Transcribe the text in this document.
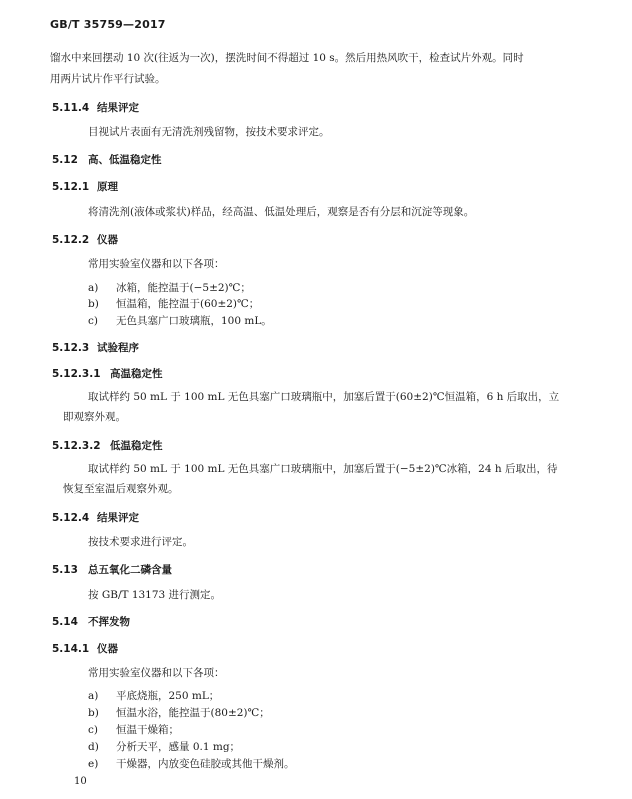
GB/T 35759—2017
馏水中来回摆动 10 次(往返为一次)，摆洗时间不得超过 10 s。然后用热风吹干，检查试片外观。同时
用两片试片作平行试验。
5.11.4 结果评定
目视试片表面有无清洗剂残留物，按技术要求评定。
5.12 高、低温稳定性
5.12.1 原理
将清洗剂(液体或浆状)样品，经高温、低温处理后，观察是否有分层和沉淀等现象。
5.12.2 仪器
常用实验室仪器和以下各项：
a) 冰箱，能控温于(−5±2)℃；
b) 恒温箱，能控温于(60±2)℃；
c) 无色具塞广口玻璃瓶，100 mL。
5.12.3 试验程序
5.12.3.1 高温稳定性
取试样约 50 mL 于 100 mL 无色具塞广口玻璃瓶中，加塞后置于(60±2)℃恒温箱，6 h 后取出，立
即观察外观。
5.12.3.2 低温稳定性
取试样约 50 mL 于 100 mL 无色具塞广口玻璃瓶中，加塞后置于(−5±2)℃冰箱，24 h 后取出，待
恢复至室温后观察外观。
5.12.4 结果评定
按技术要求进行评定。
5.13 总五氧化二磷含量
按 GB/T 13173 进行测定。
5.14 不挥发物
5.14.1 仪器
常用实验室仪器和以下各项：
a) 平底烧瓶，250 mL；
b) 恒温水浴，能控温于(80±2)℃；
c) 恒温干燥箱；
d) 分析天平，感量 0.1 mg；
e) 干燥器，内放变色硅胶或其他干燥剂。
10
